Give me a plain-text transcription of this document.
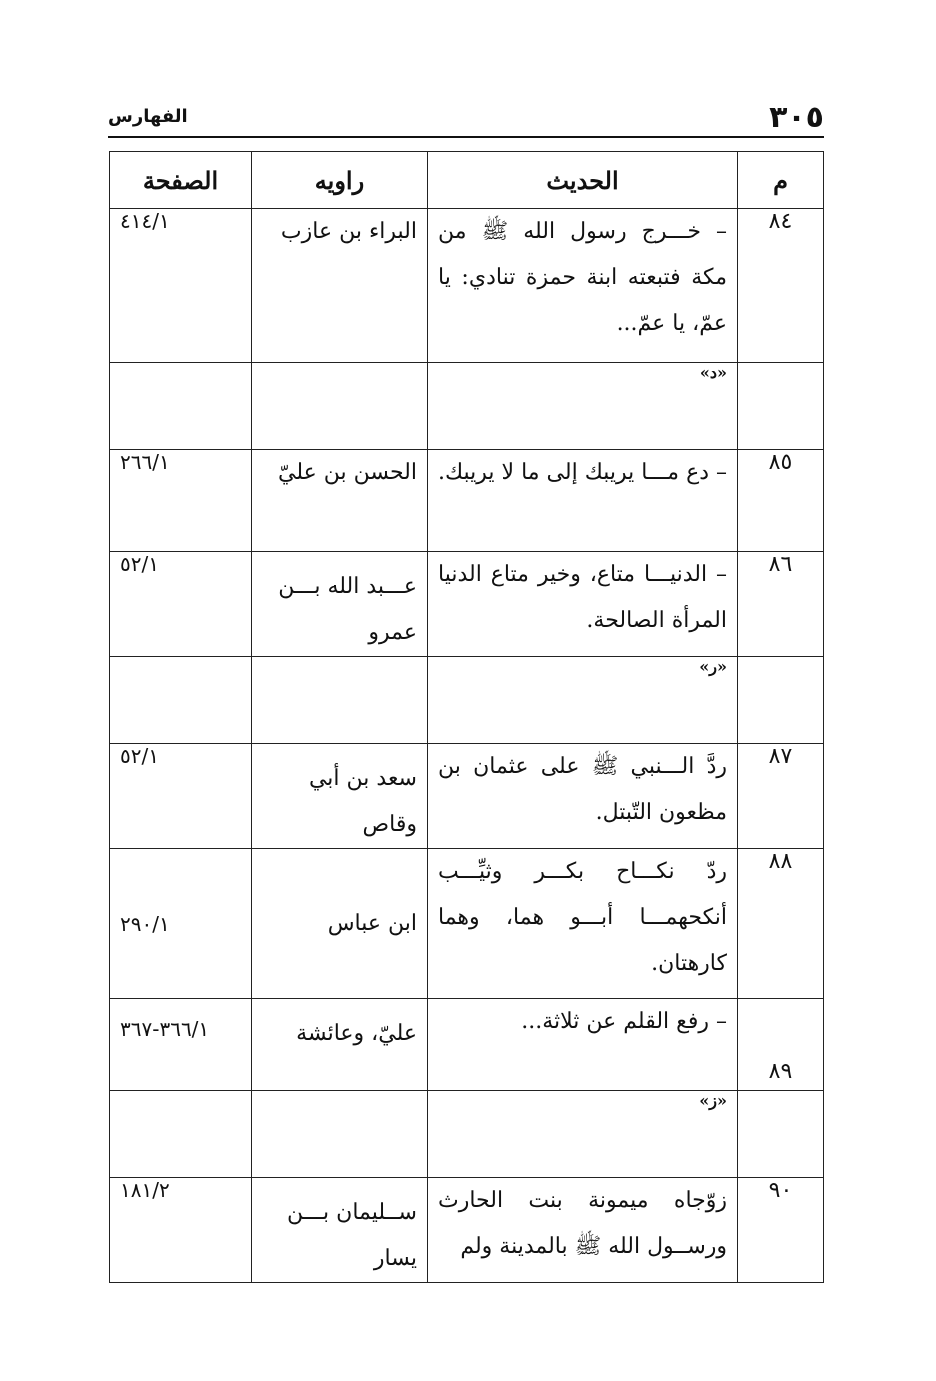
٣٠٥
الفهارس
م	الحديث	راويه	الصفحة
٨٤	– خـــرج رسول الله ﷺ من مكة فتبعته ابنة حمزة تنادي: يا عمّ، يا عمّ...	البراء بن عازب	٤١٤/١
	«د»		
٨٥	– دع مـــا يريبك إلى ما لا يريبك.	الحسن بن عليّ	٢٦٦/١
٨٦	– الدنيـــا متاع، وخير متاع الدنيا المرأة الصالحة.	عـــبد الله بـــن عمرو	٥٢/١
	«ر»		
٨٧	ردَّ الـــنبي ﷺ على عثمان بن مظعون التّبتل.	سعد بن أبي وقاص	٥٢/١
٨٨	ردّ نكـــاح بكـــر وثيِّـــب أنكحهمـــا أبـــو هما، وهما كارهتان.	ابن عباس	٢٩٠/١
٨٩	– رفع القلم عن ثلاثة...	عليّ، وعائشة	٣٦٦/١-٣٦٧
	«ز»		
٩٠	زوّجاه ميمونة بنت الحارث ورســول الله ﷺ بالمدينة ولم	ســليمان بـــن يسار	١٨١/٢
